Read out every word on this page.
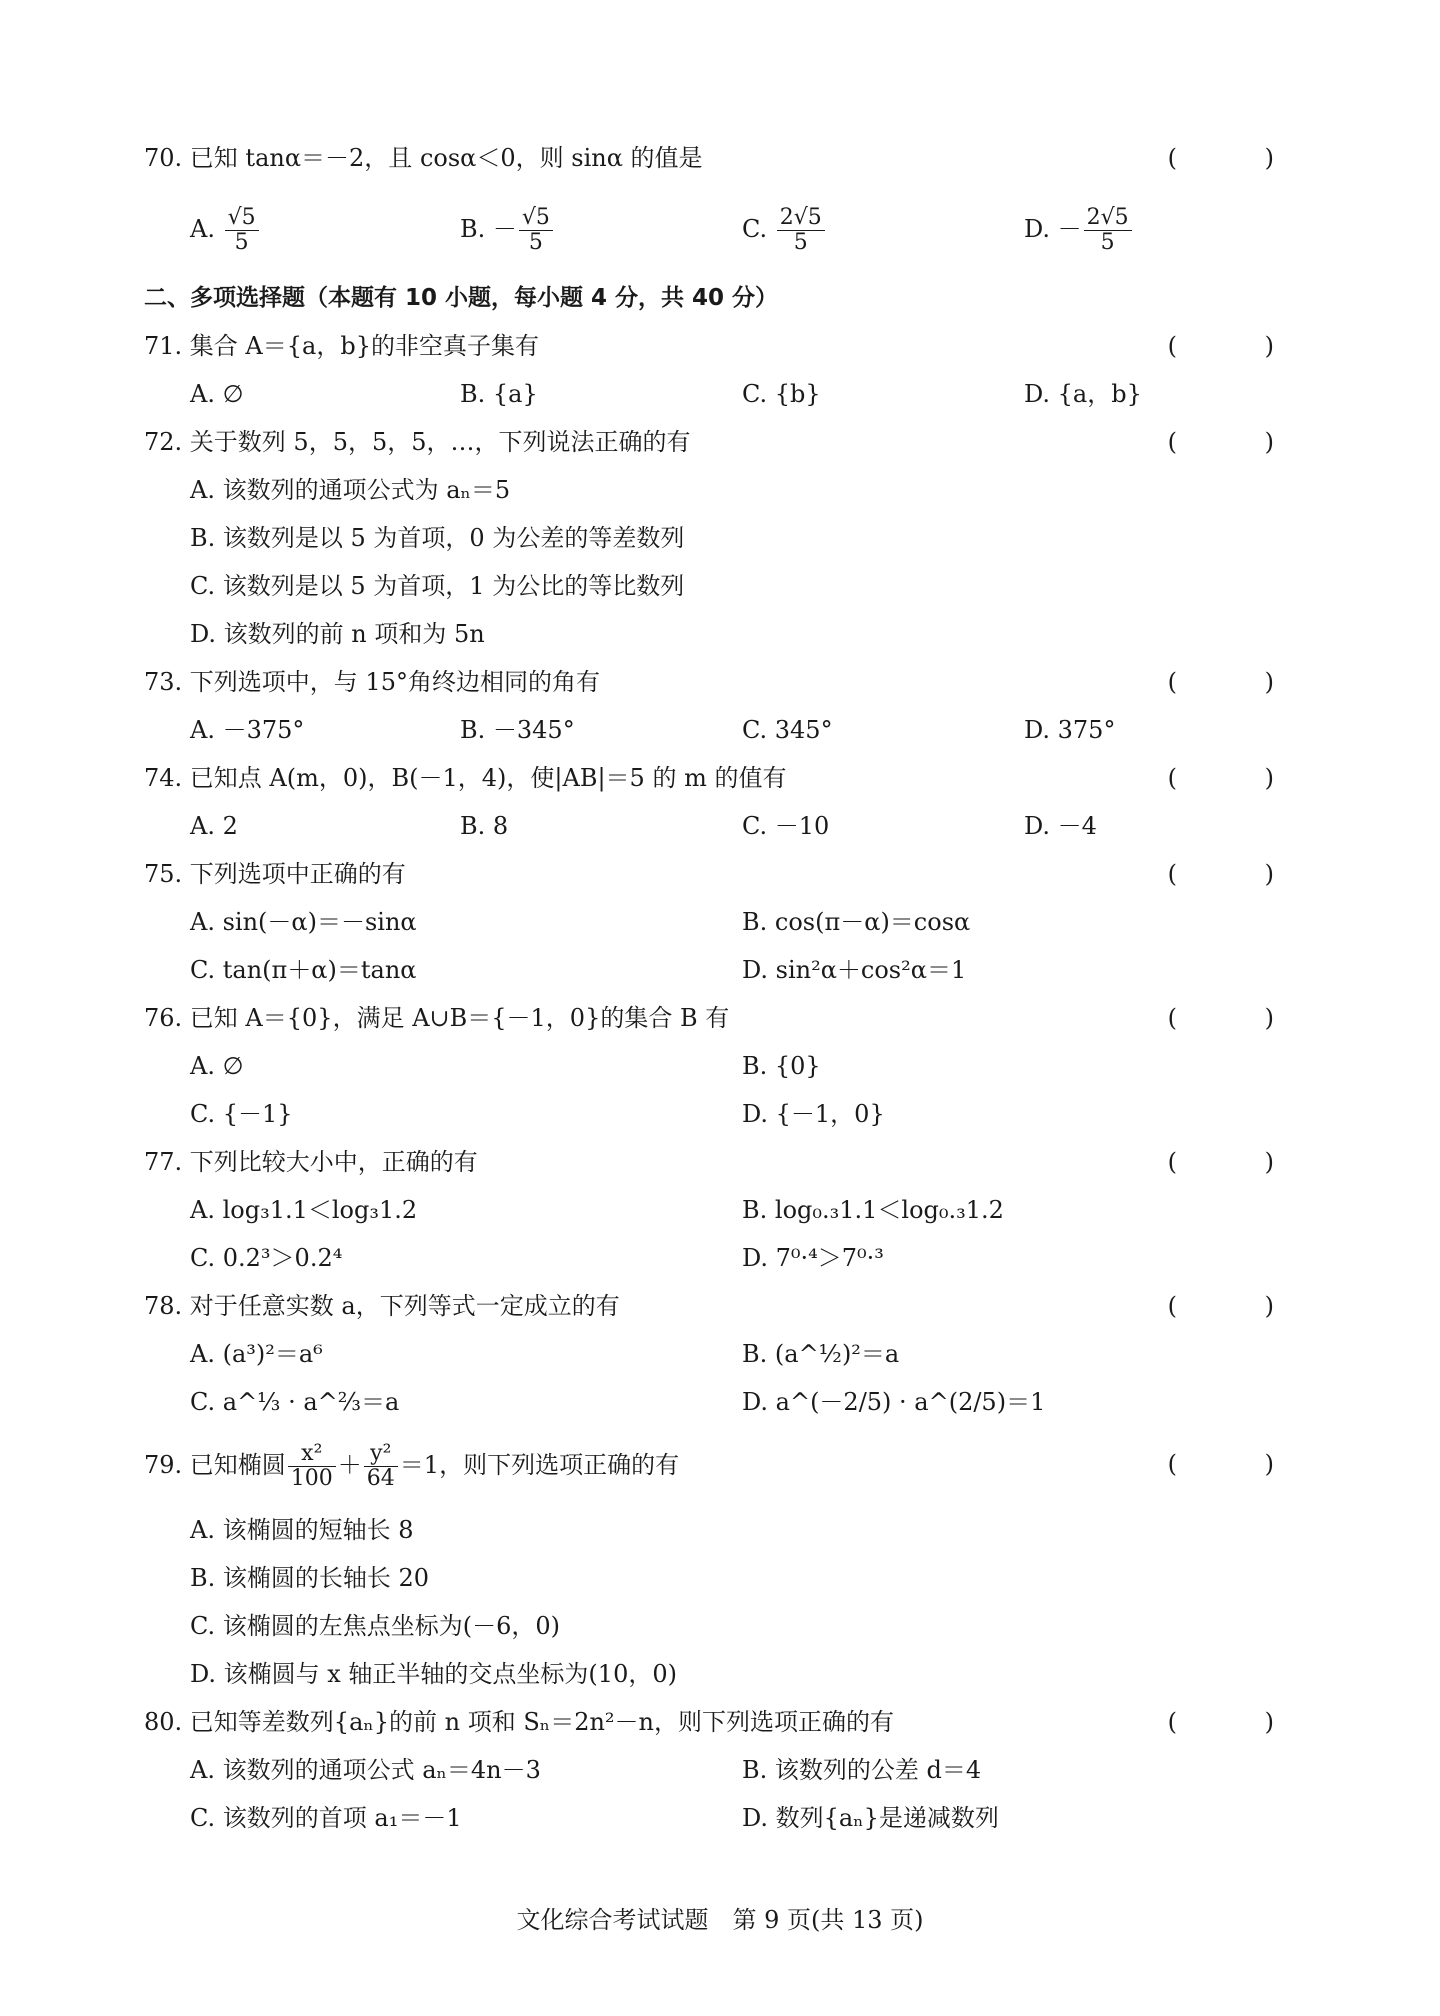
70. 已知 tanα＝－2，且 cosα＜0，则 sinα 的值是	( )
A. $\frac{√5}{5}$	B. － $\frac{√5}{5}$	C. $\frac{2√5}{5}$	D. － $\frac{2√5}{5}$
二、多项选择题（本题有 10 小题，每小题 4 分，共 40 分）
71. 集合 A＝{a，b}的非空真子集有	( )
A. ∅	B. {a}	C. {b}	D. {a，b}
72. 关于数列 5，5，5，5，…，下列说法正确的有	( )
A. 该数列的通项公式为 aₙ＝5
B. 该数列是以 5 为首项，0 为公差的等差数列
C. 该数列是以 5 为首项，1 为公比的等比数列
D. 该数列的前 n 项和为 5n
73. 下列选项中，与 15°角终边相同的角有	( )
A. －375°	B. －345°	C. 345°	D. 375°
74. 已知点 A(m，0)，B(－1，4)，使|AB|＝5 的 m 的值有	( )
A. 2	B. 8	C. －10	D. －4
75. 下列选项中正确的有	( )
A. sin(－α)＝－sinα	B. cos(π－α)＝cosα
C. tan(π＋α)＝tanα	D. sin²α＋cos²α＝1
76. 已知 A＝{0}，满足 A∪B＝{－1，0}的集合 B 有	( )
A. ∅	B. {0}
C. {－1}	D. {－1，0}
77. 下列比较大小中，正确的有	( )
A. log₃1.1＜log₃1.2	B. log₀.₃1.1＜log₀.₃1.2
C. 0.2³＞0.2⁴	D. 7⁰·⁴＞7⁰·³
78. 对于任意实数 a，下列等式一定成立的有	( )
A. (a³)²＝a⁶	B. (a^½)²＝a
C. a^⅓ · a^⅔＝a	D. a^(－2/5) · a^(2/5)＝1
79. 已知椭圆 $\frac{\text{x²}}{100} + \frac{\text{y²}}{64} =1$，则下列选项正确的有	( )
A. 该椭圆的短轴长 8
B. 该椭圆的长轴长 20
C. 该椭圆的左焦点坐标为(－6，0)
D. 该椭圆与 x 轴正半轴的交点坐标为(10，0)
80. 已知等差数列{aₙ}的前 n 项和 Sₙ＝2n²－n，则下列选项正确的有	( )
A. 该数列的通项公式 aₙ＝4n－3	B. 该数列的公差 d＝4
C. 该数列的首项 a₁＝－1	D. 数列{aₙ}是递减数列
文化综合考试试题　第 9 页(共 13 页)
